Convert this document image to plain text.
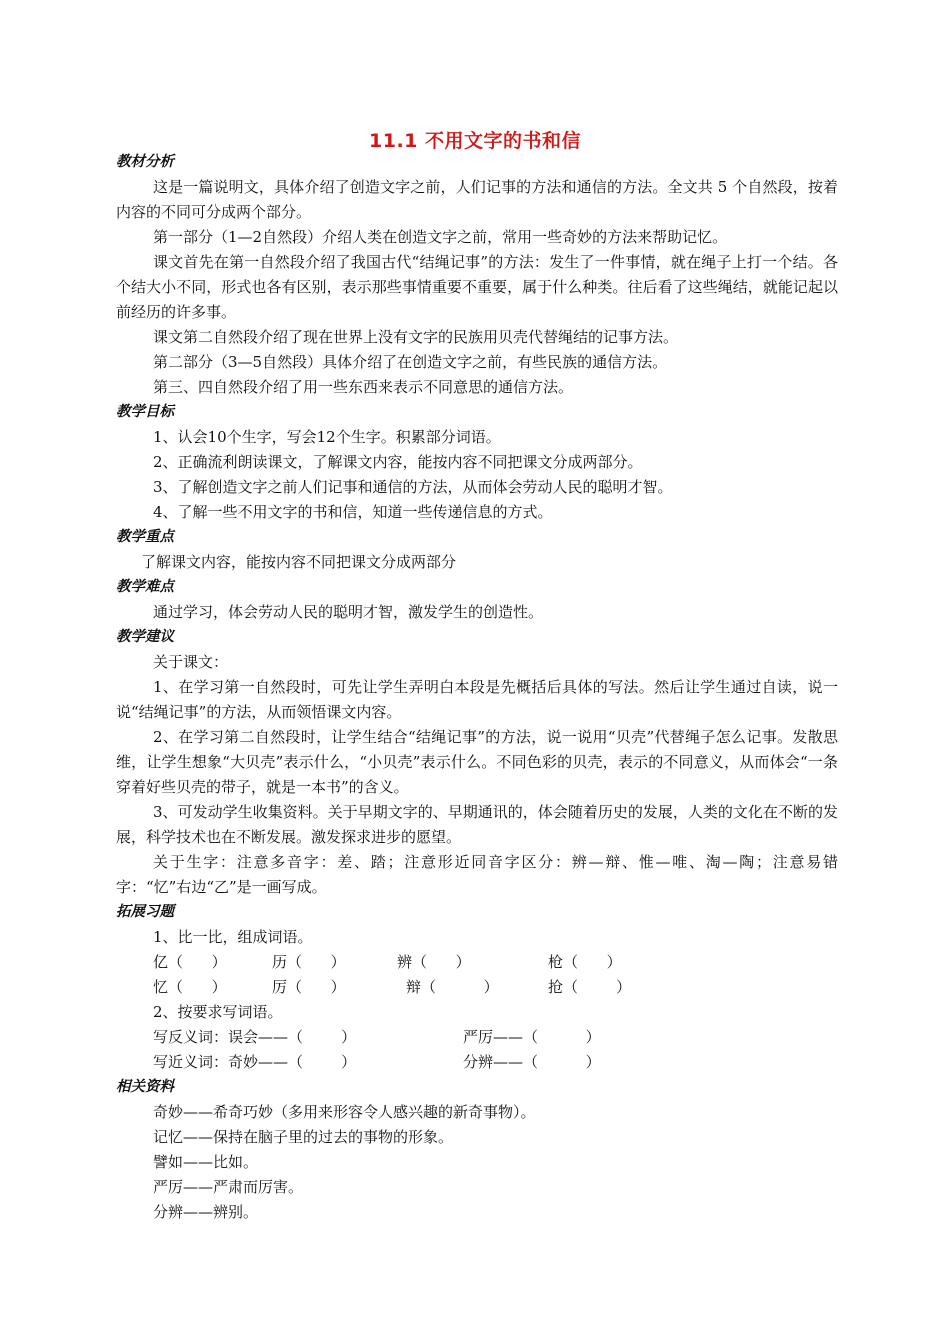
11.1 不用文字的书和信
教材分析

这是一篇说明文，具体介绍了创造文字之前，人们记事的方法和通信的方法。全文共 5 个自然段，按着内容的不同可分成两个部分。

第一部分（1—2自然段）介绍人类在创造文字之前，常用一些奇妙的方法来帮助记忆。

课文首先在第一自然段介绍了我国古代“结绳记事”的方法：发生了一件事情，就在绳子上打一个结。各个结大小不同，形式也各有区别，表示那些事情重要不重要，属于什么种类。往后看了这些绳结，就能记起以前经历的许多事。

课文第二自然段介绍了现在世界上没有文字的民族用贝壳代替绳结的记事方法。

第二部分（3—5自然段）具体介绍了在创造文字之前，有些民族的通信方法。

第三、四自然段介绍了用一些东西来表示不同意思的通信方法。

教学目标

1、认会10个生字，写会12个生字。积累部分词语。

2、正确流利朗读课文，了解课文内容，能按内容不同把课文分成两部分。

3、了解创造文字之前人们记事和通信的方法，从而体会劳动人民的聪明才智。

4、了解一些不用文字的书和信，知道一些传递信息的方式。

教学重点

了解课文内容，能按内容不同把课文分成两部分

教学难点

通过学习，体会劳动人民的聪明才智，激发学生的创造性。

教学建议

关于课文：

1、在学习第一自然段时，可先让学生弄明白本段是先概括后具体的写法。然后让学生通过自读，说一说“结绳记事”的方法，从而领悟课文内容。

2、在学习第二自然段时，让学生结合“结绳记事”的方法，说一说用“贝壳”代替绳子怎么记事。发散思维，让学生想象“大贝壳”表示什么，“小贝壳”表示什么。不同色彩的贝壳，表示的不同意义，从而体会“一条穿着好些贝壳的带子，就是一本书”的含义。

3、可发动学生收集资料。关于早期文字的、早期通讯的，体会随着历史的发展，人类的文化在不断的发展，科学技术也在不断发展。激发探求进步的愿望。

关于生字：注意多音字：差、踏；注意形近同音字区分：辨—辩、惟—唯、淘—陶；注意易错字：“忆”右边“乙”是一画写成。

拓展习题

1、比一比，组成词语。

亿（      ）	历（      ）	辨（      ）	枪（      ）
忆（      ）	厉（      ）	辩（          ）	抢（        ）

2、按要求写词语。

写反义词：误会——（        ）	严厉——（          ）
写近义词：奇妙——（        ）	分辨——（          ）
相关资料

奇妙——希奇巧妙（多用来形容令人感兴趣的新奇事物）。

记忆——保持在脑子里的过去的事物的形象。

譬如——比如。

严厉——严肃而厉害。

分辨——辨别。
